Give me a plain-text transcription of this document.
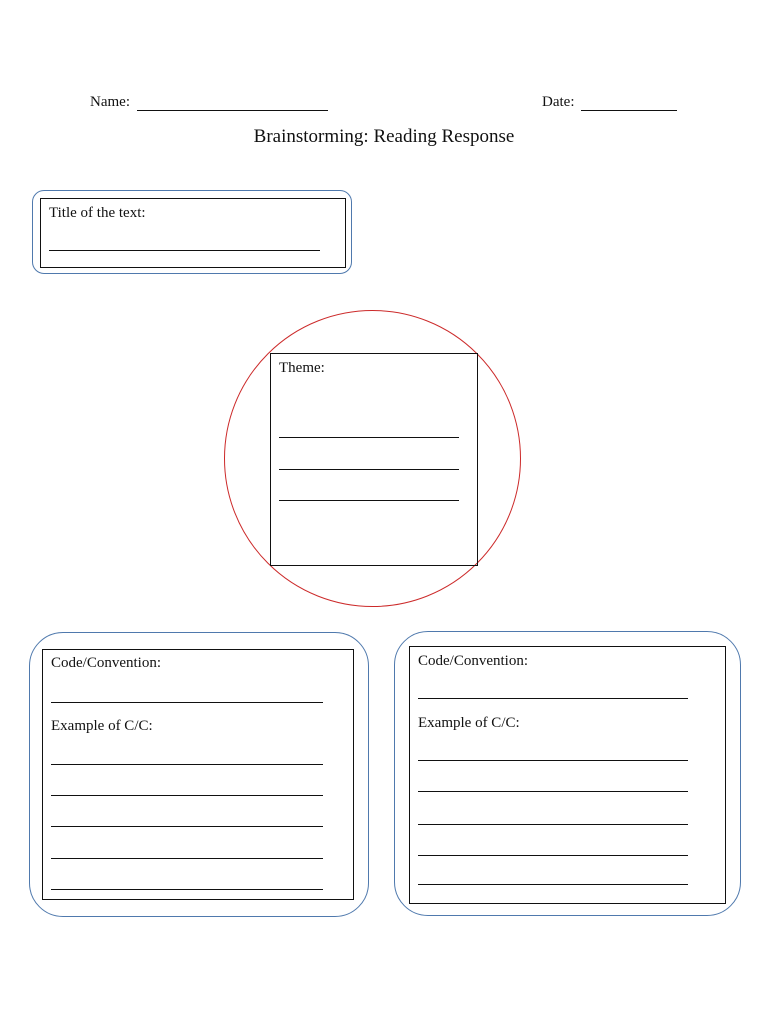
Name:	Date:
Brainstorming: Reading Response
Title of the text:
Theme:
Code/Convention:
Example of C/C:
Code/Convention:
Example of C/C:
